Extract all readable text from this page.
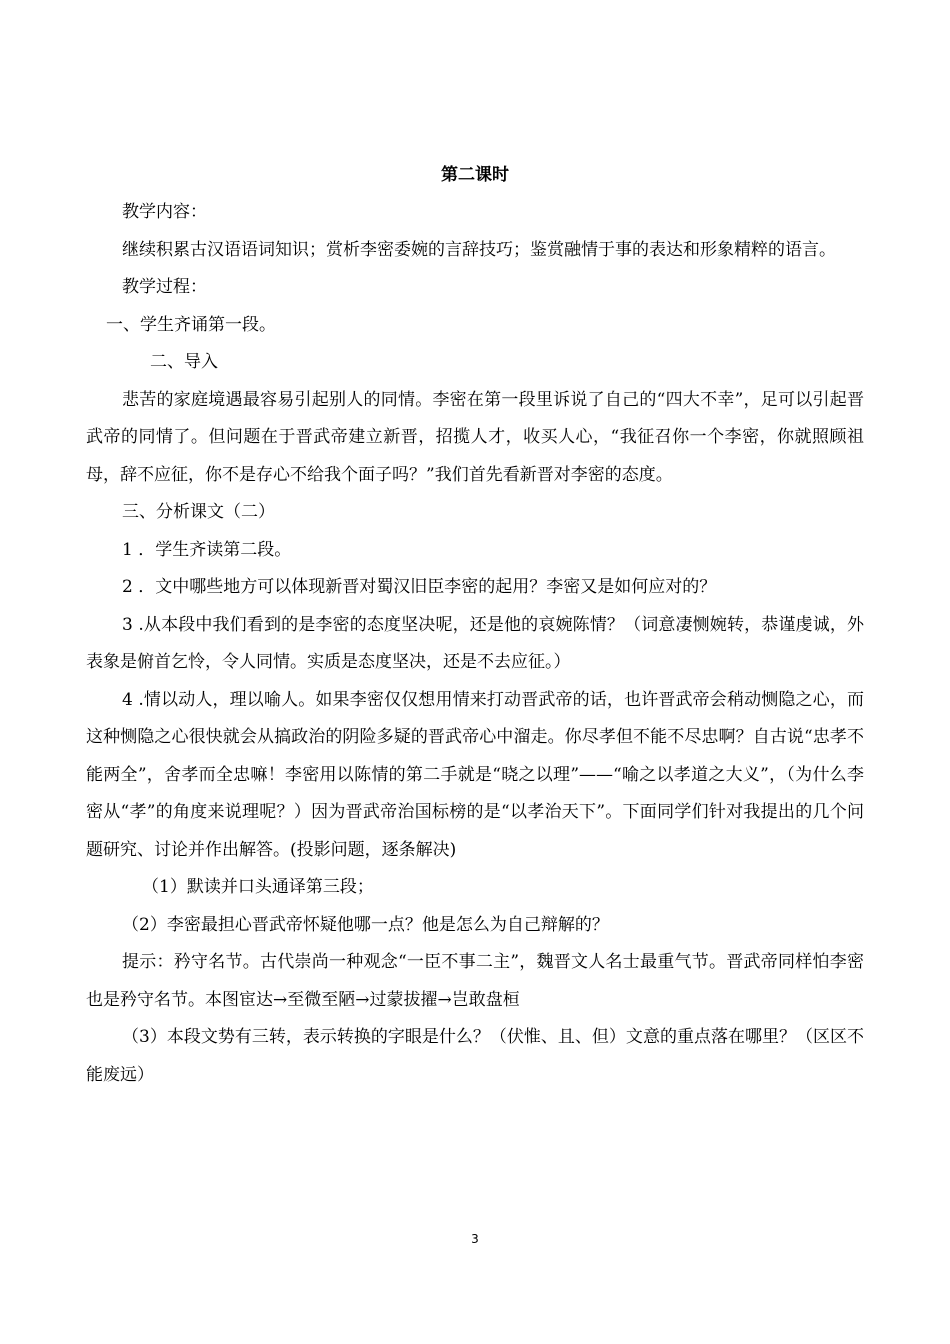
第二课时

教学内容：

继续积累古汉语语词知识；赏析李密委婉的言辞技巧；鉴赏融情于事的表达和形象精粹的语言。

教学过程：

一、学生齐诵第一段。

二、导入

悲苦的家庭境遇最容易引起别人的同情。李密在第一段里诉说了自己的“四大不幸”，足可以引起晋武帝的同情了。但问题在于晋武帝建立新晋，招揽人才，收买人心，“我征召你一个李密，你就照顾祖母，辞不应征，你不是存心不给我个面子吗？”我们首先看新晋对李密的态度。

三、分析课文（二）

1 ．学生齐读第二段。

2 ．文中哪些地方可以体现新晋对蜀汉旧臣李密的起用？李密又是如何应对的？

3 .从本段中我们看到的是李密的态度坚决呢，还是他的哀婉陈情？（词意凄恻婉转，恭谨虔诚，外表象是俯首乞怜，令人同情。实质是态度坚决，还是不去应征。）

4 .情以动人，理以喻人。如果李密仅仅想用情来打动晋武帝的话，也许晋武帝会稍动恻隐之心，而这种恻隐之心很快就会从搞政治的阴险多疑的晋武帝心中溜走。你尽孝但不能不尽忠啊？自古说“忠孝不能两全”，舍孝而全忠嘛！李密用以陈情的第二手就是“晓之以理”——“喻之以孝道之大义”，（为什么李密从“孝”的角度来说理呢？）因为晋武帝治国标榜的是“以孝治天下”。下面同学们针对我提出的几个问题研究、讨论并作出解答。(投影问题，逐条解决)

（1）默读并口头通译第三段；

（2）李密最担心晋武帝怀疑他哪一点？他是怎么为自己辩解的？

提示：矜守名节。古代崇尚一种观念“一臣不事二主”，魏晋文人名士最重气节。晋武帝同样怕李密也是矜守名节。本图宦达→至微至陋→过蒙拔擢→岂敢盘桓

（3）本段文势有三转，表示转换的字眼是什么？（伏惟、且、但）文意的重点落在哪里？（区区不能废远）

3
